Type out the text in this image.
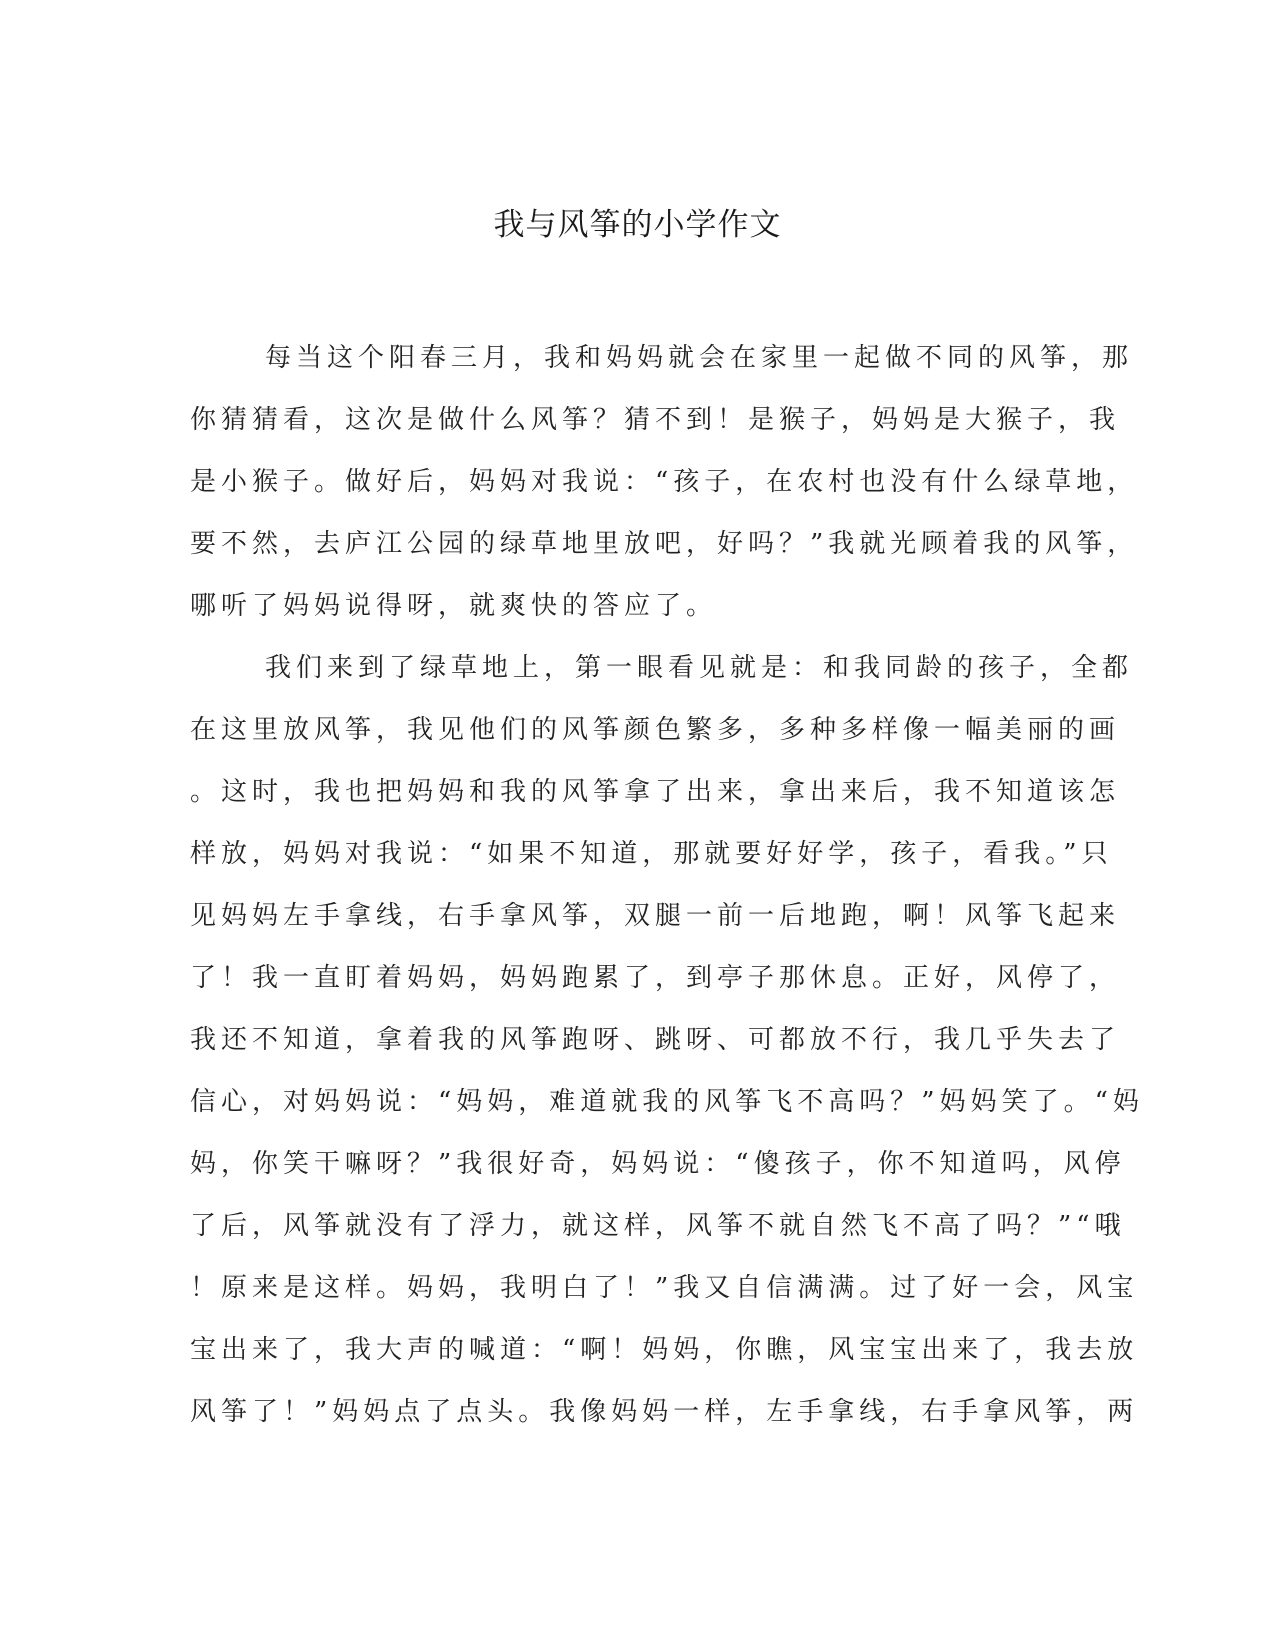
我与风筝的小学作文
每当这个阳春三月，我和妈妈就会在家里一起做不同的风筝，那
你猜猜看，这次是做什么风筝？猜不到！是猴子，妈妈是大猴子，我
是小猴子。做好后，妈妈对我说：“孩子，在农村也没有什么绿草地，
要不然，去庐江公园的绿草地里放吧，好吗？”我就光顾着我的风筝，
哪听了妈妈说得呀，就爽快的答应了。
我们来到了绿草地上，第一眼看见就是：和我同龄的孩子，全都
在这里放风筝，我见他们的风筝颜色繁多，多种多样像一幅美丽的画
。这时，我也把妈妈和我的风筝拿了出来，拿出来后，我不知道该怎
样放，妈妈对我说：“如果不知道，那就要好好学，孩子，看我。”只
见妈妈左手拿线，右手拿风筝，双腿一前一后地跑，啊！风筝飞起来
了！我一直盯着妈妈，妈妈跑累了，到亭子那休息。正好，风停了，
我还不知道，拿着我的风筝跑呀、跳呀、可都放不行，我几乎失去了
信心，对妈妈说：“妈妈，难道就我的风筝飞不高吗？”妈妈笑了。“妈
妈，你笑干嘛呀？”我很好奇，妈妈说：“傻孩子，你不知道吗，风停
了后，风筝就没有了浮力，就这样，风筝不就自然飞不高了吗？”“哦
！原来是这样。妈妈，我明白了！”我又自信满满。过了好一会，风宝
宝出来了，我大声的喊道：“啊！妈妈，你瞧，风宝宝出来了，我去放
风筝了！”妈妈点了点头。我像妈妈一样，左手拿线，右手拿风筝，两
